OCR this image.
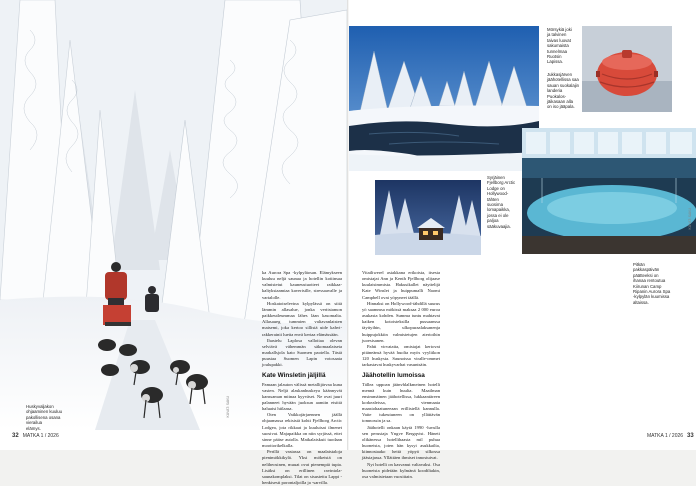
Huskyvaljakon
ohjaaminen kuuluu
pakollisena osana
vierailua
elämys.
KUVAT: SAKU
32 MATKA 1 / 2026

ka Aurora Spa -kylpyläosan. Elämykseen kuuluu neljä saunaa ja hotellin kotiinsaa valmistetut kauneustuotteet raikkaa- kaltyksiaamiaa kaverisille, stressaavalle ja vartalolle.

Hoskatoiselevina kylpylässä on siitä lämmin allasalue, jonka veritstamon paikkeutleummaa lähes läan kasomalta. Allasaueg tummien valtavanlaisten maisemi, joka kertoo sillistä uide kahvi-rakkerainii luetta envä kertaa elämässään.

Ihastelu Laplosa valloitaa olevan selviävä vähemmän säkomaalaiseta markallsjola kato Suomen paoiella. Tästä puustaa Suomen Lapin votosaata joulupakki.

Kate Winsletin jäljillä

Pamaan jalauton välissä metallijärvaa kuna vasten. Neljä alaskanhuskeya käännyvät kanssaman mitnaa kyyväset. Ne ovat juuri palanneet hyvään juoksun aamiin etsittä haluaisi hiilaasa.

Oten Vaikkojärjaennen jäällä ohjaamassa rekisistä kohti Fjellborg Arctic Lodgea, jota rikkaat ja kuuluisat ilmenet suosivat. Majapaikka on niin syrjässä, ettei sinne pääse autolla. Matkalaiskuit tuodaan moottorikelkalla.

Perillä vastassa on maalaistaloja pienimökkikylä. Yksi mökeistä on neliheosinen, muuat ovat pienempiä tupia. Lisäksi on erillinen ravintola-saunakomplaksi. Tilat on sisustettu Lappi -henkisesti porontaljoilla ja -sarvilla.

Vitailiwerel asiakkana erikoista, itsesta omistajat Ann ja Kenth Fjellborg olijaase kuulaisimmista. Hakusikallet näyttelijä Kate Winslet ja huippumalli Naomi Campbell ovat yöpyneet täällä.

Hinnaksi on Hollywood-tähdillä suurus yö saammsa mökissä maksaa 2 000 euroa asukasta kohden. Summa tuntu mahtavat kaiken kotoisteksilla pussaanssa täyttyihin, ulkopuraalaksanenja huippujokkiin valmistetujen aterioihin juoesisanen.

Pahti virvatatta, omistajat kertovat pitäneänsä hyvää huolta myös vyyliikon 120 huskysta. Saunoissa viralle-ommet tarkastavat huskyvarhat vasuntsäin.

Jäähotellin lumoissa

Tällea uppoan jäänvhlalkmeinen hotelli mennä kuin huulta. Maailman ensimmäinen jäähotellissa, lukkaantäreen korkealeissa, vienmaata maastohaatuneeaan erillistellä kannulla. Vaite tukeutuneen on yllättävän tomnossin ja sa.

Jäähotelli onkaan käytä 1990 -luvulla sen perustaja Yngve Bergqvist. Häneti olikänessa hotellihaasta mil puhua huoneista, joten hän kysyi asukkailta, kiinnostaako heitä yöpyä silkossa jääsiajassa. Yllättäen ihmiset innostuivat.

Nyt hotelli on kasvanut valtavaksi. Osa huoneista pidetään kylmänä koodiltakin, osa valmistetaan vuosittain.

Mörsykiä joki
ja talvinen
taivas luovat
sakumaista
tunnelmaa
Ruotsin
Lapissa.
Jukkasjärven
jäähotellissa saa
sauan suokalajin
landeria
Puokalos-
jäikasaan alla
on iso jääpala.
Syrjäinen
Fjellborg Arctic
Lodge on
Hollywood-
tähten
suosima
lomapaikka,
jossa ei ole
paljoa
sääkuvaajia.
Pitkän
pakkaspäivän
päätteeksi on
ihanaa rentoutua
Kiirunan Camp
Ripanin Aurora Spa
-kylpylän kuumissa
altaissa.
KUVAT: SAKU
MATKA 1 / 2026 33
